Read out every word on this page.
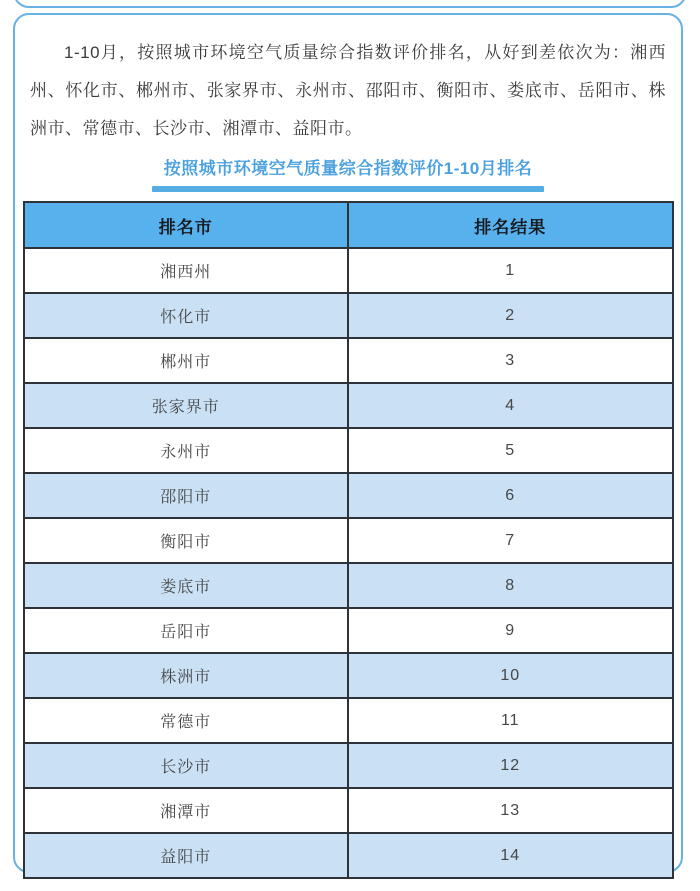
1-10月，按照城市环境空气质量综合指数评价排名，从好到差依次为：湘西州、怀化市、郴州市、张家界市、永州市、邵阳市、衡阳市、娄底市、岳阳市、株洲市、常德市、长沙市、湘潭市、益阳市。

按照城市环境空气质量综合指数评价1-10月排名
排名市	排名结果
湘西州	1
怀化市	2
郴州市	3
张家界市	4
永州市	5
邵阳市	6
衡阳市	7
娄底市	8
岳阳市	9
株洲市	10
常德市	11
长沙市	12
湘潭市	13
益阳市	14
